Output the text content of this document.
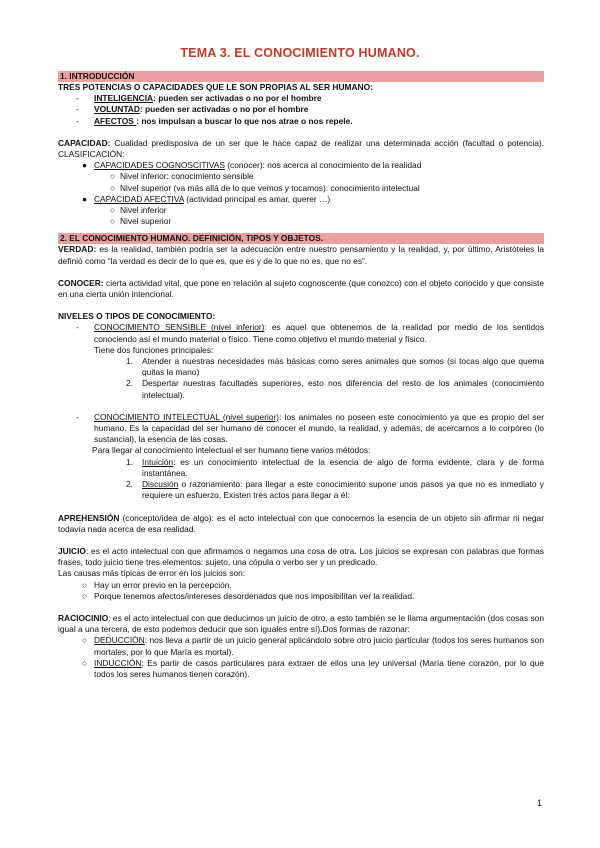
TEMA 3. EL CONOCIMIENTO HUMANO.
1. INTRODUCCIÓN
TRES POTENCIAS O CAPACIDADES QUE LE SON PROPIAS AL SER HUMANO:
-	INTELIGENCIA: pueden ser activadas o no por el hombre
-	VOLUNTAD: pueden ser activadas o no por el hombre
-	AFECTOS : nos impulsan a buscar lo que nos atrae o nos repele.
CAPACIDAD: Cualidad predisposiva de un ser que le hace capaz de realizar una determinada acción (facultad o potencia). CLASIFICACIÓN:
● CAPACIDADES COGNOSCITIVAS (conocer): nos acerca al conocimiento de la realidad
○ Nivel inferior: conocimiento sensible
○ Nivel superior (va más allá de lo que vemos y tocamos): conocimiento intelectual
● CAPACIDAD AFECTIVA (actividad principal es amar, querer …)
○ Nivel inferior
○ Nivel superior
2. EL CONOCIMIENTO HUMANO. DEFINICIÓN, TIPOS Y OBJETOS.
VERDAD: es la realidad, también podría ser la adecuación entre nuestro pensamiento y la realidad, y, por último, Aristóteles la definió como “la verdad es decir de lo que es, que es y de lo que no es, que no es”.
CONOCER: cierta actividad vital, que pone en relación al sujeto cognoscente (que conozco) con el objeto conocido y que consiste en una cierta unión intencional.
NIVELES O TIPOS DE CONOCIMIENTO:
-	CONOCIMIENTO SENSIBLE (nivel inferior): es aquel que obtenemos de la realidad por medio de los sentidos conociendo así el mundo material o físico. Tiene como objetivo el mundo material y físico.
Tiene dos funciones principales:
1.	Atender a nuestras necesidades más básicas como seres animales que somos (si tocas algo que quema quitas la mano)
2.	Despertar nuestras facultades superiores, esto nos diferencia del resto de los animales (conocimiento intelectual).
-	CONOCIMIENTO INTELECTUAL (nivel superior): los animales no poseen este conocimiento ya que es propio del ser humano. Es la capacidad del ser humano de conocer el mundo, la realidad, y además, de acercarnos a lo corpóreo (lo sustancial), la esencia de las cosas.
Para llegar al conocimiento intelectual el ser humano tiene varios métodos:
1.	Intuición: es un conocimiento intelectual de la esencia de algo de forma evidente, clara y de forma instantánea.
2.	Discusión o razonamiento: para llegar a este conocimiento supone unos pasos ya que no es inmediato y requiere un esfuerzo. Existen tres actos para llegar a él:
APREHENSIÓN (concepto/idea de algo): es el acto intelectual con que conocemos la esencia de un objeto sin afirmar ni negar todavía nada acerca de esa realidad.
JUICIO: es el acto intelectual con que afirmamos o negamos una cosa de otra. Los juicios se expresan con palabras que formas frases, todo juicio tiene tres elementos: sujeto, una cópula o verbo ser y un predicado.
Las causas más típicas de error en los juicios son:
○ Hay un error previo en la percepción.
○ Porque tenemos afectos/intereses desordenados que nos imposibilitan ver la realidad.
RACIOCINIO: es el acto intelectual con que deducimos un juicio de otro, a esto también se le llama argumentación (dos cosas son igual a una tercera, de esto podemos deducir que son iguales entre sí).Dos formas de razonar:
○ DEDUCCIÓN: nos lleva a partir de un juicio general aplicándolo sobre otro juicio particular (todos los seres humanos son mortales, por lo que María es mortal).
○ INDUCCIÓN: Es partir de casos particulares para extraer de ellos una ley universal (María tiene corazón, por lo que todos los seres humanos tienen corazón).
1
